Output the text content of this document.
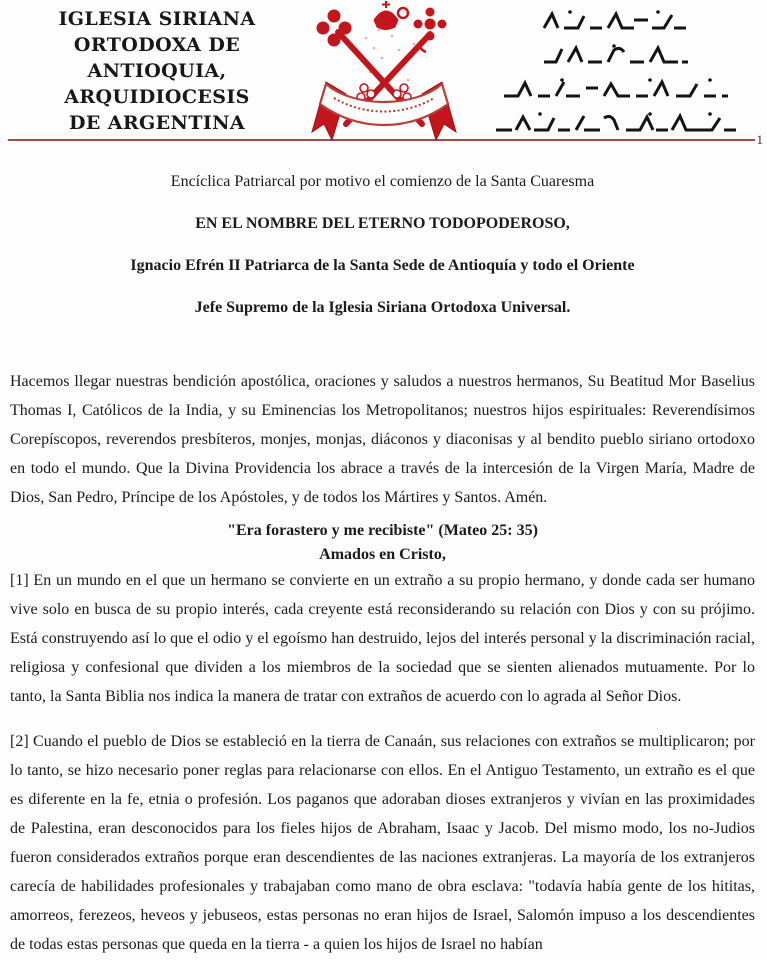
IGLESIA SIRIANA
ORTODOXA DE
ANTIOQUIA,
ARQUIDIOCESIS
DE ARGENTINA
1

Encíclica Patriarcal por motivo el comienzo de la Santa Cuaresma

EN EL NOMBRE DEL ETERNO TODOPODEROSO,

Ignacio Efrén II Patriarca de la Santa Sede de Antioquía y todo el Oriente

Jefe Supremo de la Iglesia Siriana Ortodoxa Universal.

Hacemos llegar nuestras bendición apostólica, oraciones y saludos a nuestros hermanos, Su Beatitud Mor Baselius Thomas I, Católicos de la India, y su Eminencias los Metropolitanos; nuestros hijos espirituales: Reverendísimos Corepíscopos, reverendos presbíteros, monjes, monjas, diáconos y diaconisas y al bendito pueblo siriano ortodoxo en todo el mundo. Que la Divina Providencia los abrace a través de la intercesión de la Virgen María, Madre de Dios, San Pedro, Príncipe de los Apóstoles, y de todos los Mártires y Santos. Amén.

"Era forastero y me recibiste" (Mateo 25: 35)

Amados en Cristo,

[1] En un mundo en el que un hermano se convierte en un extraño a su propio hermano, y donde cada ser humano vive solo en busca de su propio interés, cada creyente está reconsiderando su relación con Dios y con su prójimo. Está construyendo así lo que el odio y el egoísmo han destruido, lejos del interés personal y la discriminación racial, religiosa y confesional que dividen a los miembros de la sociedad que se sienten alienados mutuamente. Por lo tanto, la Santa Biblia nos indica la manera de tratar con extraños de acuerdo con lo agrada al Señor Dios.

[2] Cuando el pueblo de Dios se estableció en la tierra de Canaán, sus relaciones con extraños se multiplicaron; por lo tanto, se hizo necesario poner reglas para relacionarse con ellos. En el Antiguo Testamento, un extraño es el que es diferente en la fe, etnia o profesión. Los paganos que adoraban dioses extranjeros y vivían en las proximidades de Palestina, eran desconocidos para los fieles hijos de Abraham, Isaac y Jacob. Del mismo modo, los no-Judios fueron considerados extraños porque eran descendientes de las naciones extranjeras. La mayoría de los extranjeros carecía de habilidades profesionales y trabajaban como mano de obra esclava: "todavía había gente de los hititas, amorreos, ferezeos, heveos y jebuseos, estas personas no eran hijos de Israel, Salomón impuso a los descendientes de todas estas personas que queda en la tierra - a quien los hijos de Israel no habían
